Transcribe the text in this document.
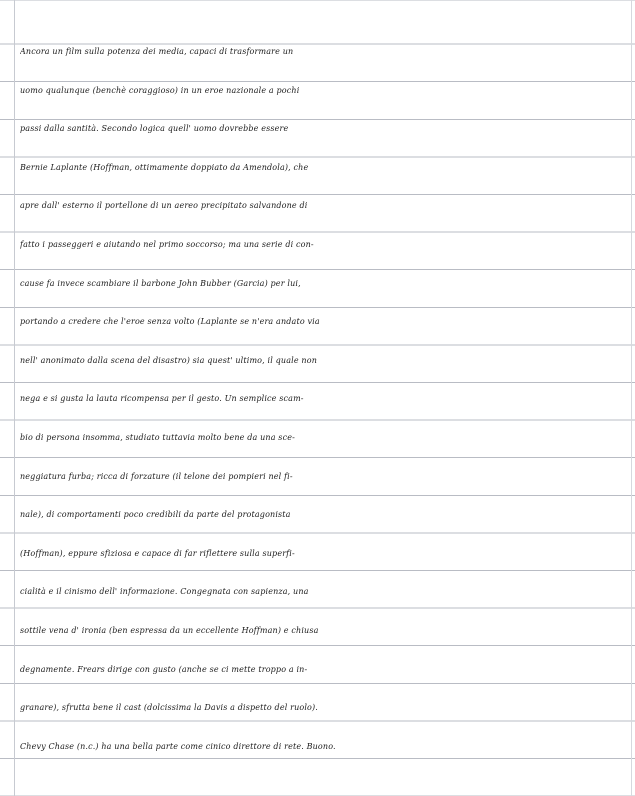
Ancora un film sulla potenza dei media, capaci di trasformare un
uomo qualunque (benchè coraggioso) in un eroe nazionale a pochi
passi dalla santità. Secondo logica quell' uomo dovrebbe essere
Bernie Laplante (Hoffman, ottimamente doppiato da Amendola), che
apre dall' esterno il portellone di un aereo precipitato salvandone di
fatto i passeggeri e aiutando nel primo soccorso; ma una serie di con-
cause fa invece scambiare il barbone John Bubber (Garcia) per lui,
portando a credere che l'eroe senza volto (Laplante se n'era andato via
nell' anonimato dalla scena del disastro) sia quest' ultimo, il quale non
nega e si gusta la lauta ricompensa per il gesto. Un semplice scam-
bio di persona insomma, studiato tuttavia molto bene da una sce-
neggiatura furba; ricca di forzature (il telone dei pompieri nel fi-
nale), di comportamenti poco credibili da parte del protagonista
(Hoffman), eppure sfiziosa e capace di far riflettere sulla superfi-
cialità e il cinismo dell' informazione. Congegnata con sapienza, una
sottile vena d' ironia (ben espressa da un eccellente Hoffman) e chiusa
degnamente. Frears dirige con gusto (anche se ci mette troppo a in-
granare), sfrutta bene il cast (dolcissima la Davis a dispetto del ruolo).
Chevy Chase (n.c.) ha una bella parte come cinico direttore di rete. Buono.
